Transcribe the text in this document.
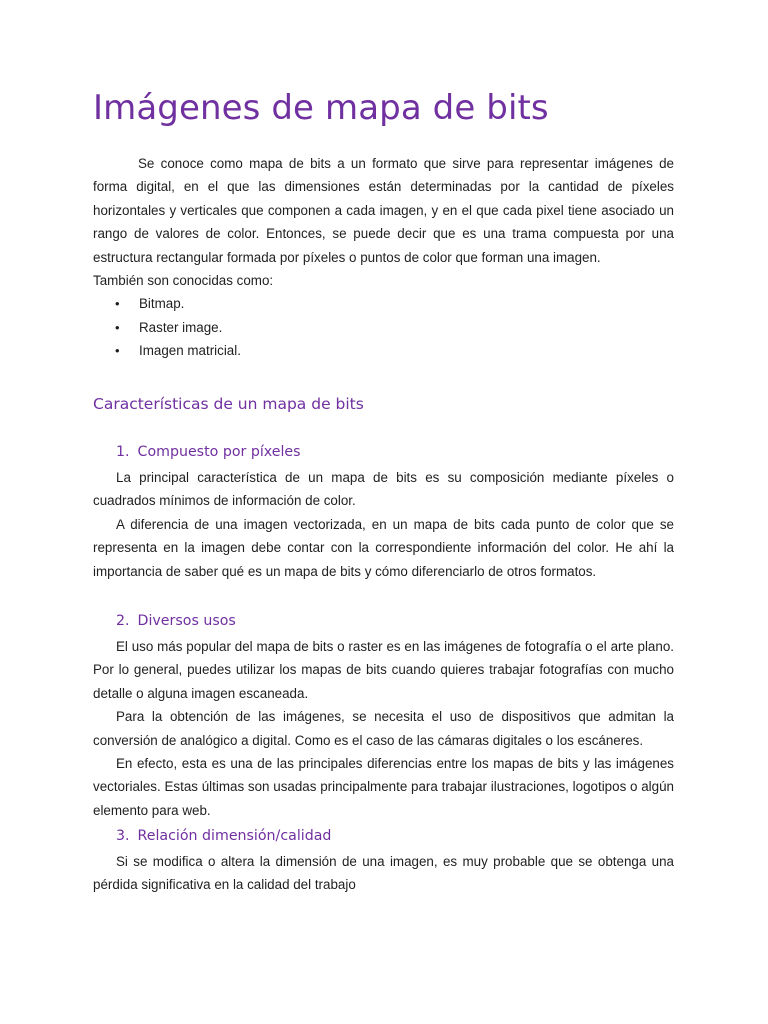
Imágenes de mapa de bits

Se conoce como mapa de bits a un formato que sirve para representar imágenes de forma digital, en el que las dimensiones están determinadas por la cantidad de píxeles horizontales y verticales que componen a cada imagen, y en el que cada pixel tiene asociado un rango de valores de color. Entonces, se puede decir que es una trama compuesta por una estructura rectangular formada por píxeles o puntos de color que forman una imagen.

También son conocidas como:

• Bitmap.
• Raster image.
• Imagen matricial.
Características de un mapa de bits
1. Compuesto por píxeles

La principal característica de un mapa de bits es su composición mediante píxeles o cuadrados mínimos de información de color.

A diferencia de una imagen vectorizada, en un mapa de bits cada punto de color que se representa en la imagen debe contar con la correspondiente información del color. He ahí la importancia de saber qué es un mapa de bits y cómo diferenciarlo de otros formatos.

2. Diversos usos

El uso más popular del mapa de bits o raster es en las imágenes de fotografía o el arte plano. Por lo general, puedes utilizar los mapas de bits cuando quieres trabajar fotografías con mucho detalle o alguna imagen escaneada.

Para la obtención de las imágenes, se necesita el uso de dispositivos que admitan la conversión de analógico a digital. Como es el caso de las cámaras digitales o los escáneres.

En efecto, esta es una de las principales diferencias entre los mapas de bits y las imágenes vectoriales. Estas últimas son usadas principalmente para trabajar ilustraciones, logotipos o algún elemento para web.

3. Relación dimensión/calidad

Si se modifica o altera la dimensión de una imagen, es muy probable que se obtenga una pérdida significativa en la calidad del trabajo
